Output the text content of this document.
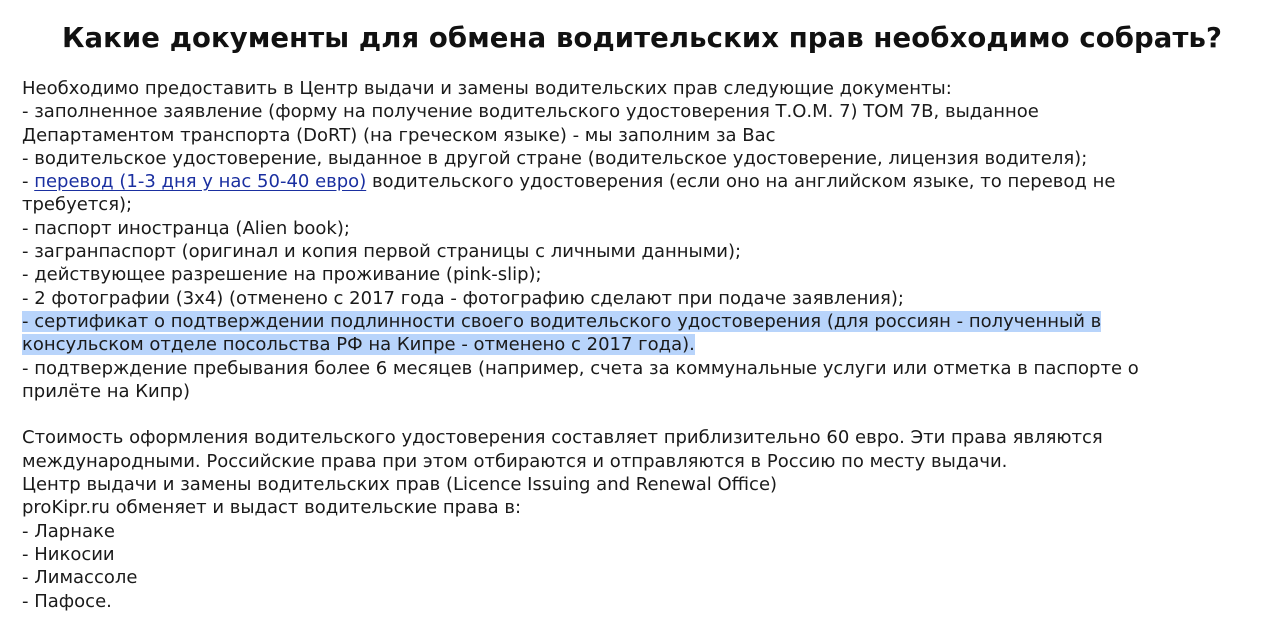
Какие документы для обмена водительских прав необходимо собрать?
Необходимо предоставить в Центр выдачи и замены водительских прав следующие документы:
- заполненное заявление (форму на получение водительского удостоверения Т.О.М. 7) ТОМ 7В, выданное
Департаментом транспорта (DoRT) (на греческом языке) - мы заполним за Вас
- водительское удостоверение, выданное в другой стране (водительское удостоверение, лицензия водителя);
- перевод (1-3 дня у нас 50-40 евро) водительского удостоверения (если оно на английском языке, то перевод не
требуется);
- паспорт иностранца (Alien book);
- загранпаспорт (оригинал и копия первой страницы с личными данными);
- действующее разрешение на проживание (pink-slip);
- 2 фотографии (3х4) (отменено с 2017 года - фотографию сделают при подаче заявления);
- сертификат о подтверждении подлинности своего водительского удостоверения (для россиян - полученный в
консульском отделе посольства РФ на Кипре - отменено с 2017 года).
- подтверждение пребывания более 6 месяцев (например, счета за коммунальные услуги или отметка в паспорте о
прилёте на Кипр)
Стоимость оформления водительского удостоверения составляет приблизительно 60 евро. Эти права являются
международными. Российские права при этом отбираются и отправляются в Россию по месту выдачи.
Центр выдачи и замены водительских прав (Licence Issuing and Renewal Office)
proKipr.ru обменяет и выдаст водительские права в:
- Ларнаке
- Никосии
- Лимассоле
- Пафосе.
